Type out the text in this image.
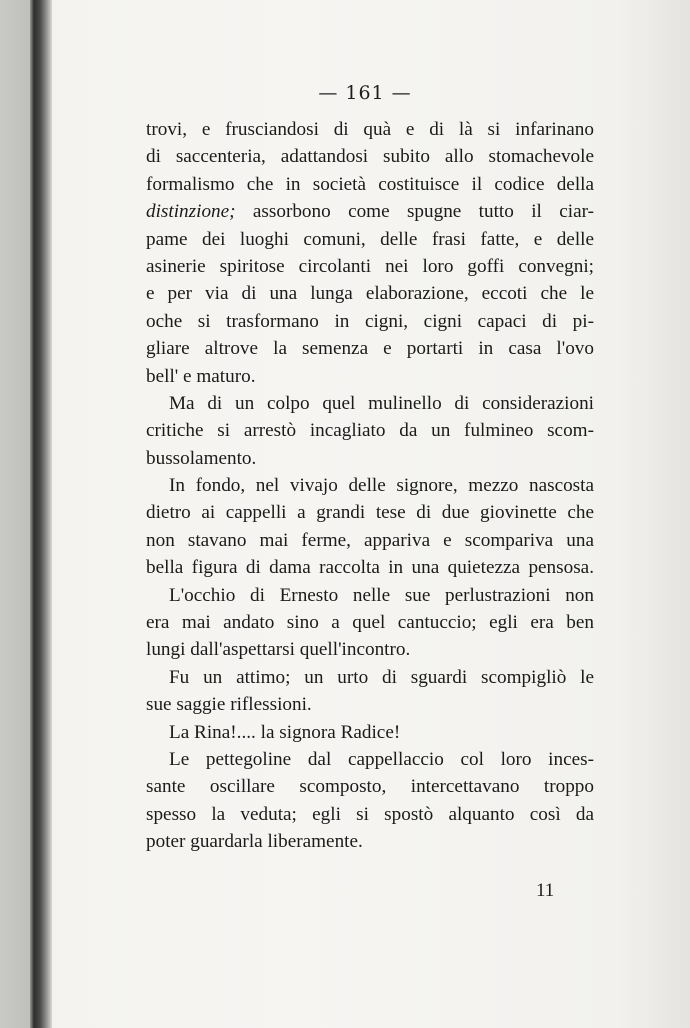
— 161 —
trovi, e frusciandosi di quà e di là si infarinano
di saccenteria, adattandosi subito allo stomachevole
formalismo che in società costituisce il codice della
distinzione; assorbono come spugne tutto il ciar-
pame dei luoghi comuni, delle frasi fatte, e delle
asinerie spiritose circolanti nei loro goffi convegni;
e per via di una lunga elaborazione, eccoti che le
oche si trasformano in cigni, cigni capaci di pi-
gliare altrove la semenza e portarti in casa l'ovo
bell' e maturo.
Ma di un colpo quel mulinello di considerazioni
critiche si arrestò incagliato da un fulmineo scom-
bussolamento.
In fondo, nel vivajo delle signore, mezzo nascosta
dietro ai cappelli a grandi tese di due giovinette che
non stavano mai ferme, appariva e scompariva una
bella figura di dama raccolta in una quietezza pensosa.
L'occhio di Ernesto nelle sue perlustrazioni non
era mai andato sino a quel cantuccio; egli era ben
lungi dall'aspettarsi quell'incontro.
Fu un attimo; un urto di sguardi scompigliò le
sue saggie riflessioni.
La Rina!.... la signora Radice!
Le pettegoline dal cappellaccio col loro inces-
sante oscillare scomposto, intercettavano troppo
spesso la veduta; egli si spostò alquanto così da
poter guardarla liberamente.
11
